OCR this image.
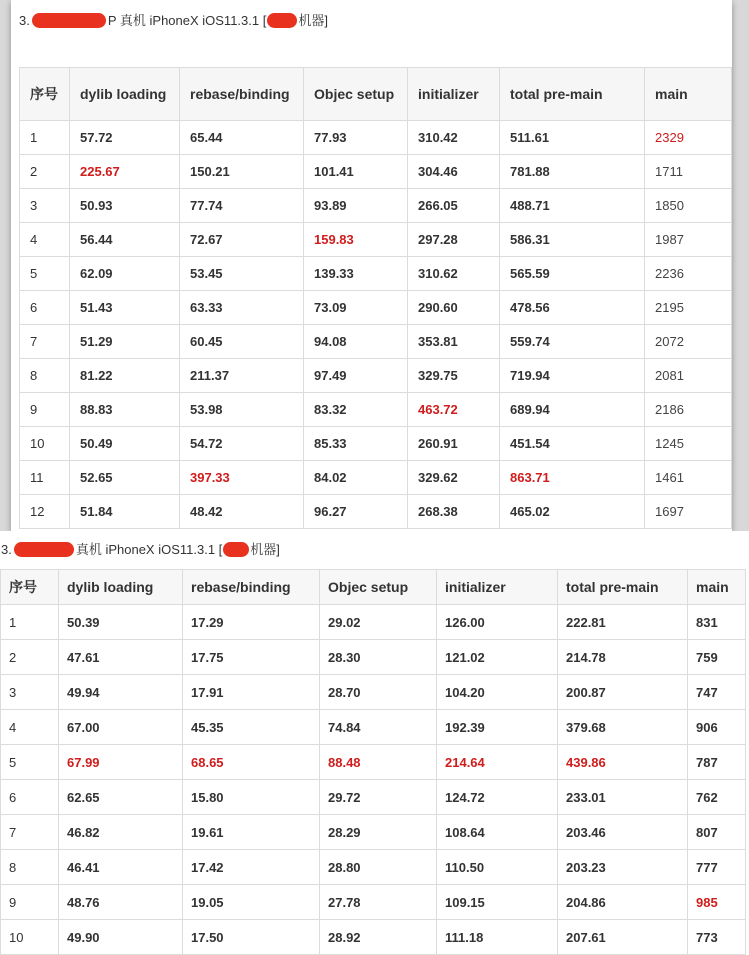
3.	P 真机 iPhoneX iOS11.3.1 [ 机器]
序号	dylib loading	rebase/binding	Objec setup	initializer	total pre-main	main
1	57.72	65.44	77.93	310.42	511.61	2329
2	225.67	150.21	101.41	304.46	781.88	1711
3	50.93	77.74	93.89	266.05	488.71	1850
4	56.44	72.67	159.83	297.28	586.31	1987
5	62.09	53.45	139.33	310.62	565.59	2236
6	51.43	63.33	73.09	290.60	478.56	2195
7	51.29	60.45	94.08	353.81	559.74	2072
8	81.22	211.37	97.49	329.75	719.94	2081
9	88.83	53.98	83.32	463.72	689.94	2186
10	50.49	54.72	85.33	260.91	451.54	1245
11	52.65	397.33	84.02	329.62	863.71	1461
12	51.84	48.42	96.27	268.38	465.02	1697
3.	真机 iPhoneX iOS11.3.1 [ 机器]
序号	dylib loading	rebase/binding	Objec setup	initializer	total pre-main	main
1	50.39	17.29	29.02	126.00	222.81	831
2	47.61	17.75	28.30	121.02	214.78	759
3	49.94	17.91	28.70	104.20	200.87	747
4	67.00	45.35	74.84	192.39	379.68	906
5	67.99	68.65	88.48	214.64	439.86	787
6	62.65	15.80	29.72	124.72	233.01	762
7	46.82	19.61	28.29	108.64	203.46	807
8	46.41	17.42	28.80	110.50	203.23	777
9	48.76	19.05	27.78	109.15	204.86	985
10	49.90	17.50	28.92	111.18	207.61	773
